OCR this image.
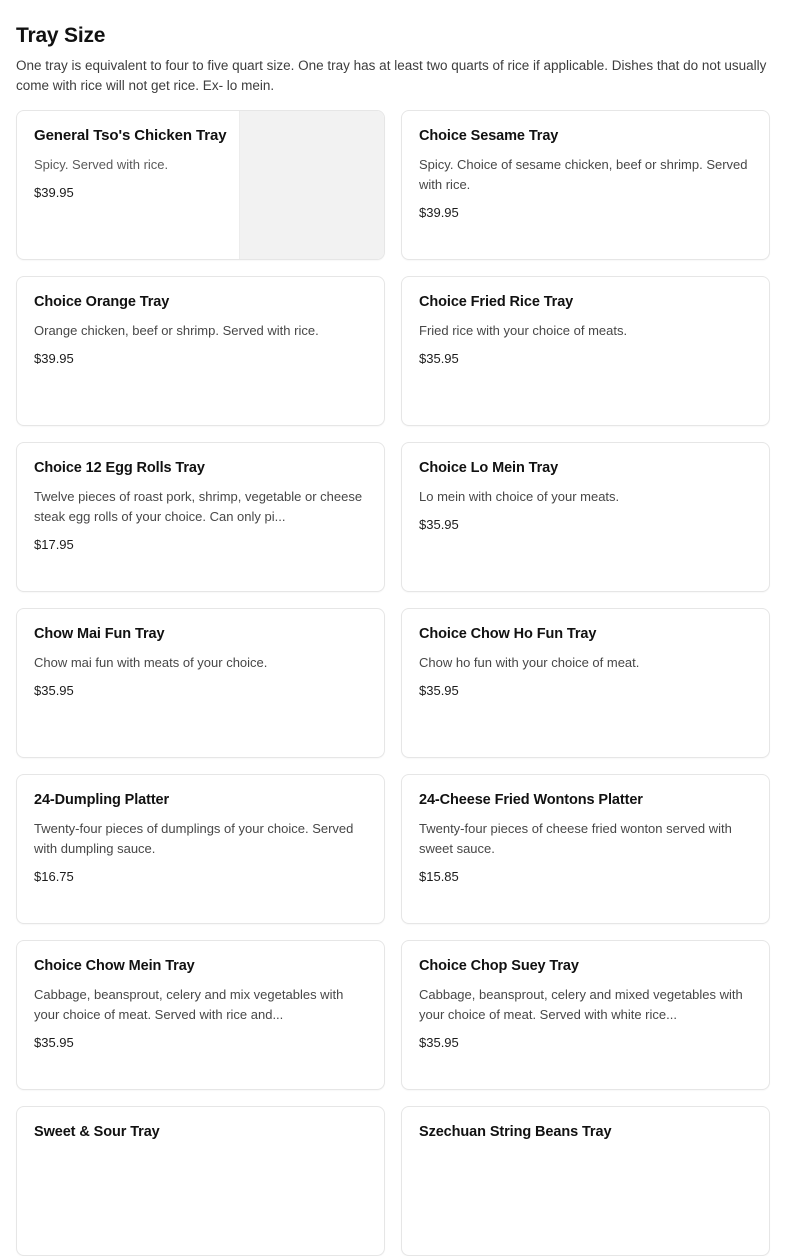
Tray Size

One tray is equivalent to four to five quart size. One tray has at least two quarts of rice if applicable. Dishes that do not usually come with rice will not get rice. Ex- lo mein.

General Tso's Chicken Tray
Spicy. Served with rice.
$39.95
Choice Sesame Tray
Spicy. Choice of sesame chicken, beef or shrimp. Served with rice.
$39.95
Choice Orange Tray
Orange chicken, beef or shrimp. Served with rice.
$39.95
Choice Fried Rice Tray
Fried rice with your choice of meats.
$35.95
Choice 12 Egg Rolls Tray
Twelve pieces of roast pork, shrimp, vegetable or cheese steak egg rolls of your choice. Can only pi...
$17.95
Choice Lo Mein Tray
Lo mein with choice of your meats.
$35.95
Chow Mai Fun Tray
Chow mai fun with meats of your choice.
$35.95
Choice Chow Ho Fun Tray
Chow ho fun with your choice of meat.
$35.95
24-Dumpling Platter
Twenty-four pieces of dumplings of your choice. Served with dumpling sauce.
$16.75
24-Cheese Fried Wontons Platter
Twenty-four pieces of cheese fried wonton served with sweet sauce.
$15.85
Choice Chow Mein Tray
Cabbage, beansprout, celery and mix vegetables with your choice of meat. Served with rice and...
$35.95
Choice Chop Suey Tray
Cabbage, beansprout, celery and mixed vegetables with your choice of meat. Served with white rice...
$35.95
Sweet & Sour Tray	Szechuan String Beans Tray
